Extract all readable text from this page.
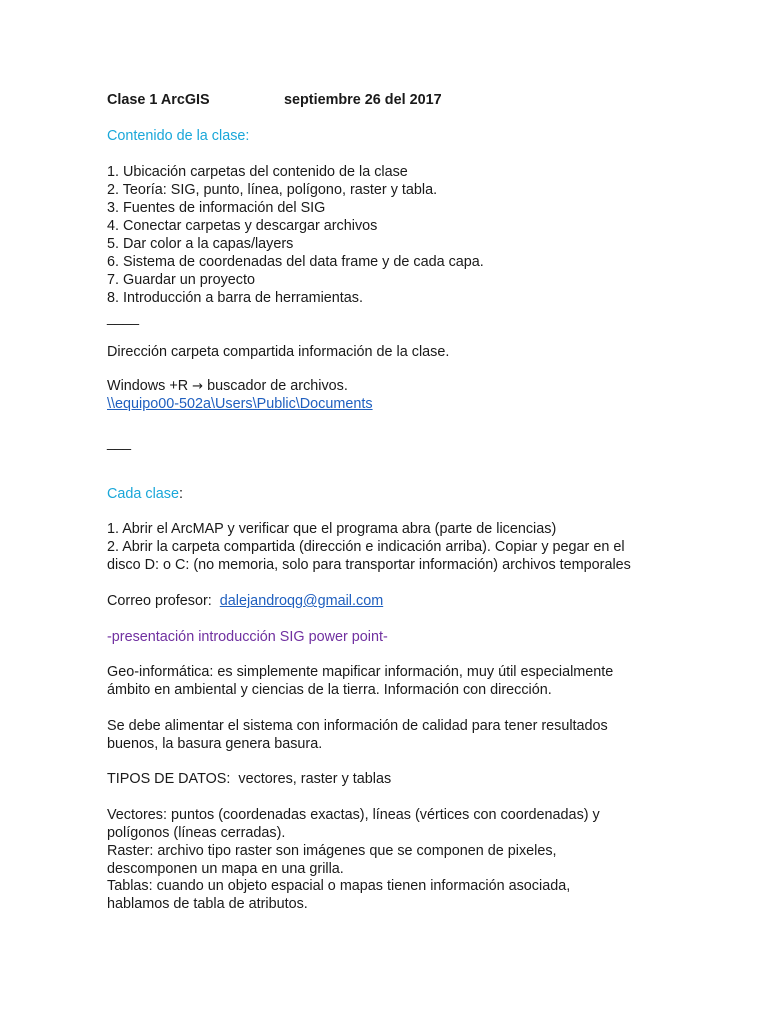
Clase 1 ArcGIS	septiembre 26 del 2017
Contenido de la clase:
1. Ubicación carpetas del contenido de la clase
2. Teoría: SIG, punto, línea, polígono, raster y tabla.
3. Fuentes de información del SIG
4. Conectar carpetas y descargar archivos
5. Dar color a la capas/layers
6. Sistema de coordenadas del data frame y de cada capa.
7. Guardar un proyecto
8. Introducción a barra de herramientas.
____
Dirección carpeta compartida información de la clase.
Windows +R → buscador de archivos.
\\equipo00-502a\Users\Public\Documents
___
Cada clase:
1. Abrir el ArcMAP y verificar que el programa abra (parte de licencias)
2. Abrir la carpeta compartida (dirección e indicación arriba). Copiar y pegar en el
disco D: o C: (no memoria, solo para transportar información) archivos temporales
Correo profesor:  dalejandroqg@gmail.com
-presentación introducción SIG power point-
Geo-informática: es simplemente mapificar información, muy útil especialmente
ámbito en ambiental y ciencias de la tierra. Información con dirección.
Se debe alimentar el sistema con información de calidad para tener resultados
buenos, la basura genera basura.
TIPOS DE DATOS:  vectores, raster y tablas
Vectores: puntos (coordenadas exactas), líneas (vértices con coordenadas) y
polígonos (líneas cerradas).
Raster: archivo tipo raster son imágenes que se componen de pixeles,
descomponen un mapa en una grilla.
Tablas: cuando un objeto espacial o mapas tienen información asociada,
hablamos de tabla de atributos.
